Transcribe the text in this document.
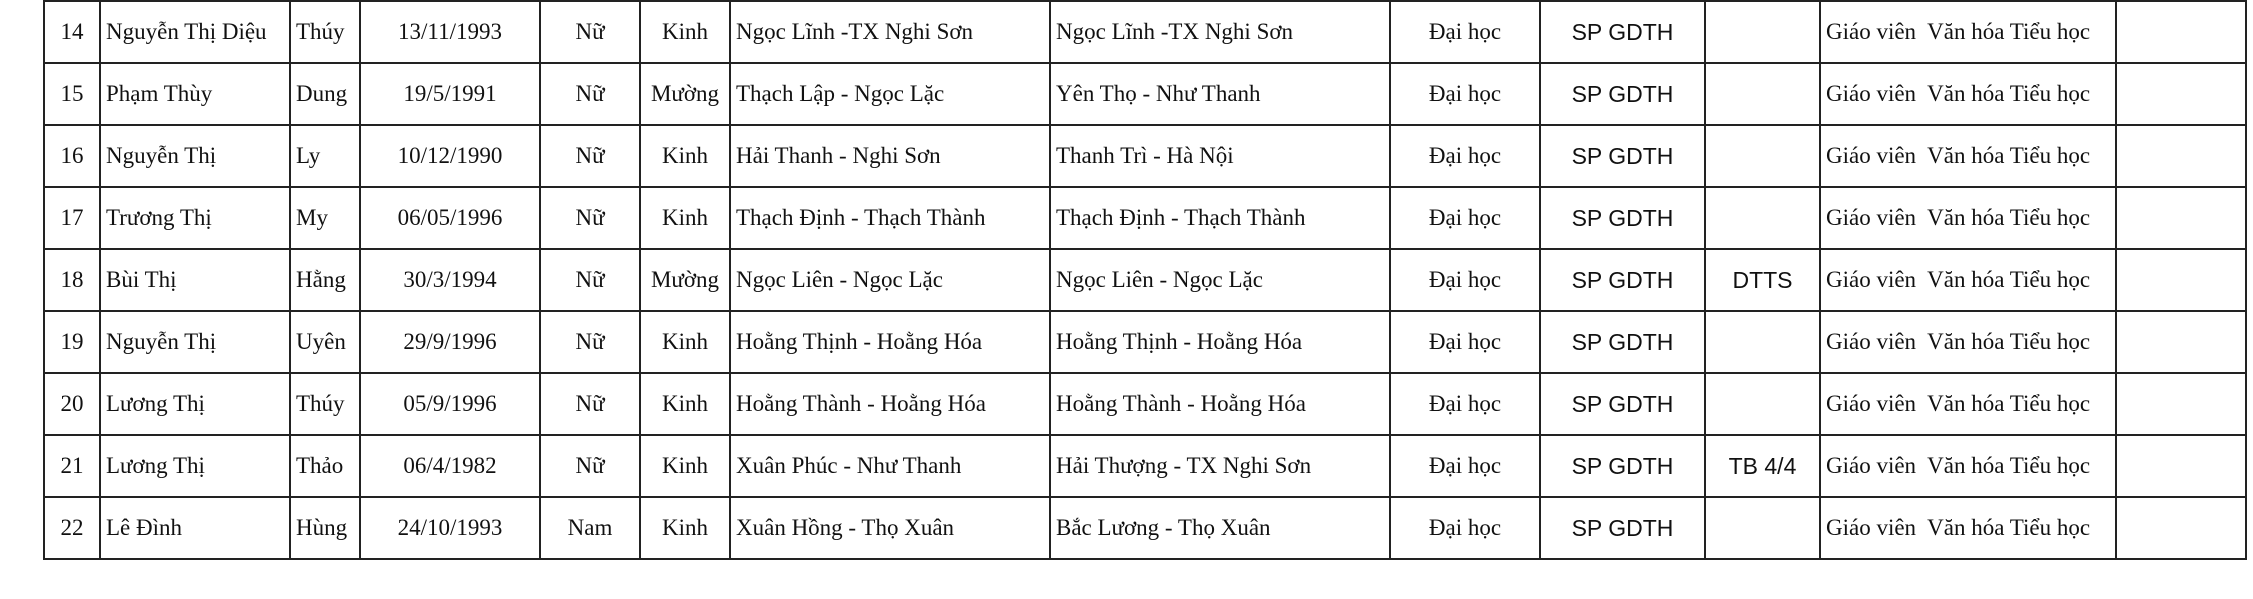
14	Nguyễn Thị Diệu	Thúy	13/11/1993	Nữ	Kinh	Ngọc Lĩnh -TX Nghi Sơn	Ngọc Lĩnh -TX Nghi Sơn	Đại học	SP GDTH		Giáo viên  Văn hóa Tiểu học	
15	Phạm Thùy	Dung	19/5/1991	Nữ	Mường	Thạch Lập - Ngọc Lặc	Yên Thọ - Như Thanh	Đại học	SP GDTH		Giáo viên  Văn hóa Tiểu học	
16	Nguyễn Thị	Ly	10/12/1990	Nữ	Kinh	Hải Thanh - Nghi Sơn	Thanh Trì - Hà Nội	Đại học	SP GDTH		Giáo viên  Văn hóa Tiểu học	
17	Trương Thị	My	06/05/1996	Nữ	Kinh	Thạch Định - Thạch Thành	Thạch Định - Thạch Thành	Đại học	SP GDTH		Giáo viên  Văn hóa Tiểu học	
18	Bùi Thị	Hằng	30/3/1994	Nữ	Mường	Ngọc Liên - Ngọc Lặc	Ngọc Liên - Ngọc Lặc	Đại học	SP GDTH	DTTS	Giáo viên  Văn hóa Tiểu học	
19	Nguyễn Thị	Uyên	29/9/1996	Nữ	Kinh	Hoằng Thịnh - Hoằng Hóa	Hoằng Thịnh - Hoằng Hóa	Đại học	SP GDTH		Giáo viên  Văn hóa Tiểu học	
20	Lương Thị	Thúy	05/9/1996	Nữ	Kinh	Hoằng Thành - Hoằng Hóa	Hoằng Thành - Hoằng Hóa	Đại học	SP GDTH		Giáo viên  Văn hóa Tiểu học	
21	Lương Thị	Thảo	06/4/1982	Nữ	Kinh	Xuân Phúc - Như Thanh	Hải Thượng - TX Nghi Sơn	Đại học	SP GDTH	TB 4/4	Giáo viên  Văn hóa Tiểu học	
22	Lê Đình	Hùng	24/10/1993	Nam	Kinh	Xuân Hồng - Thọ Xuân	Bắc Lương - Thọ Xuân	Đại học	SP GDTH		Giáo viên  Văn hóa Tiểu học	
